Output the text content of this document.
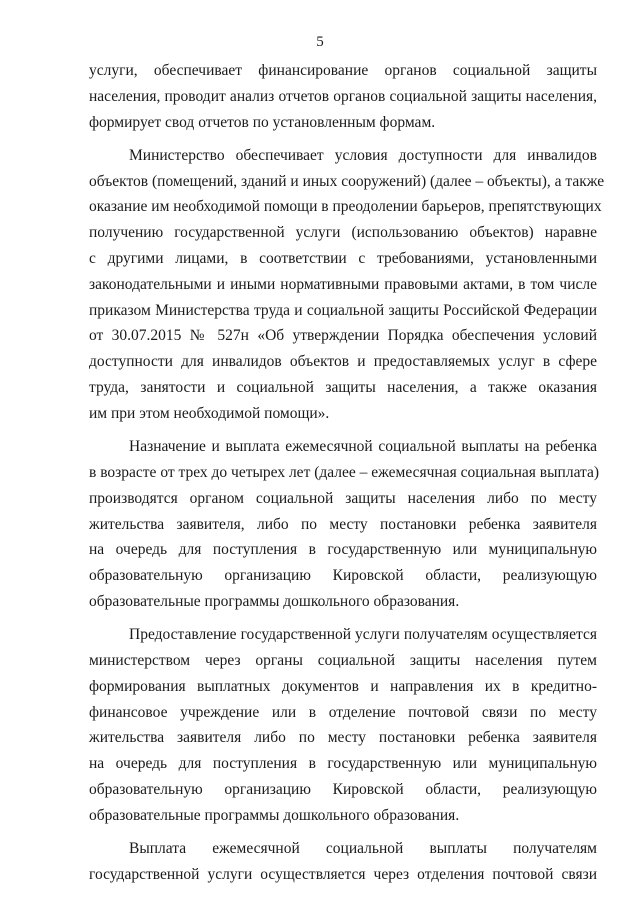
5
услуги, обеспечивает финансирование органов социальной защиты
населения, проводит анализ отчетов органов социальной защиты населения,
формирует свод отчетов по установленным формам.
Министерство обеспечивает условия доступности для инвалидов
объектов (помещений, зданий и иных сооружений) (далее – объекты), а также
оказание им необходимой помощи в преодолении барьеров, препятствующих
получению государственной услуги (использованию объектов) наравне
с другими лицами, в соответствии с требованиями, установленными
законодательными и иными нормативными правовыми актами, в том числе
приказом Министерства труда и социальной защиты Российской Федерации
от 30.07.2015 № 527н «Об утверждении Порядка обеспечения условий
доступности для инвалидов объектов и предоставляемых услуг в сфере
труда, занятости и социальной защиты населения, а также оказания
им при этом необходимой помощи».
Назначение и выплата ежемесячной социальной выплаты на ребенка
в возрасте от трех до четырех лет (далее – ежемесячная социальная выплата)
производятся органом социальной защиты населения либо по месту
жительства заявителя, либо по месту постановки ребенка заявителя
на очередь для поступления в государственную или муниципальную
образовательную организацию Кировской области, реализующую
образовательные программы дошкольного образования.
Предоставление государственной услуги получателям осуществляется
министерством через органы социальной защиты населения путем
формирования выплатных документов и направления их в кредитно-
финансовое учреждение или в отделение почтовой связи по месту
жительства заявителя либо по месту постановки ребенка заявителя
на очередь для поступления в государственную или муниципальную
образовательную организацию Кировской области, реализующую
образовательные программы дошкольного образования.
Выплата ежемесячной социальной выплаты получателям
государственной услуги осуществляется через отделения почтовой связи
